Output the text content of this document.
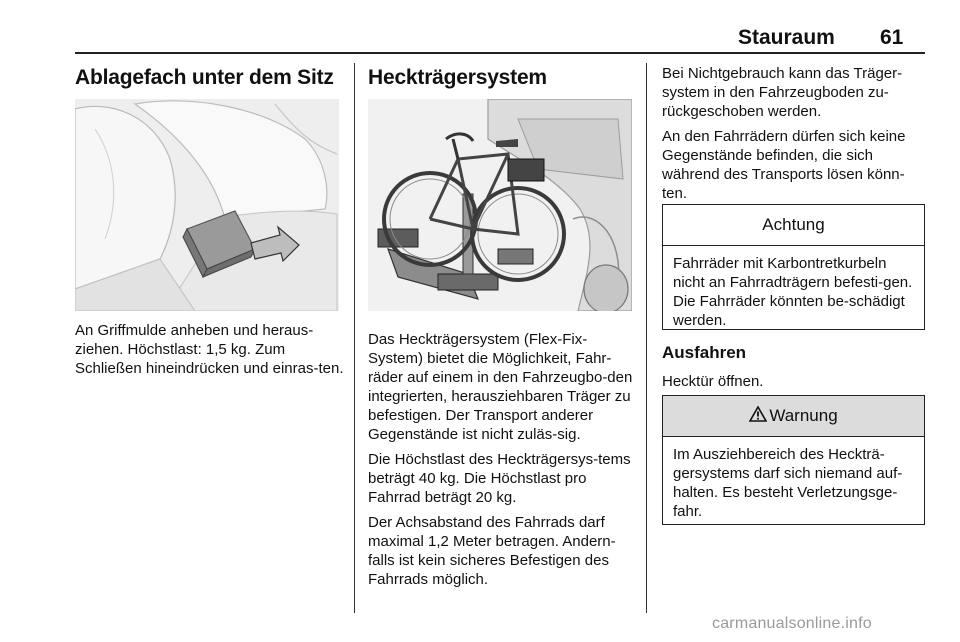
Stauraum 61
Ablagefach unter dem Sitz

An Griffmulde anheben und heraus-ziehen. Höchstlast: 1,5 kg. Zum Schließen hineindrücken und einras-ten.

Heckträgersystem

Das Heckträgersystem (Flex-Fix-System) bietet die Möglichkeit, Fahr-räder auf einem in den Fahrzeugbo-den integrierten, herausziehbaren Träger zu befestigen. Der Transport anderer Gegenstände ist nicht zuläs-sig.

Die Höchstlast des Heckträgersys-tems beträgt 40 kg. Die Höchstlast pro Fahrrad beträgt 20 kg.

Der Achsabstand des Fahrrads darf maximal 1,2 Meter betragen. Andern-falls ist kein sicheres Befestigen des Fahrrads möglich.

Bei Nichtgebrauch kann das Träger-system in den Fahrzeugboden zu-rückgeschoben werden.

An den Fahrrädern dürfen sich keine Gegenstände befinden, die sich während des Transports lösen könn-ten.

Achtung
Fahrräder mit Karbontretkurbeln nicht an Fahrradträgern befesti-gen. Die Fahrräder könnten be-schädigt werden.
Ausfahren

Hecktür öffnen.

Warnung
Im Ausziehbereich des Heckträ-gersystems darf sich niemand auf-halten. Es besteht Verletzungsge-fahr.
carmanualsonline.info
